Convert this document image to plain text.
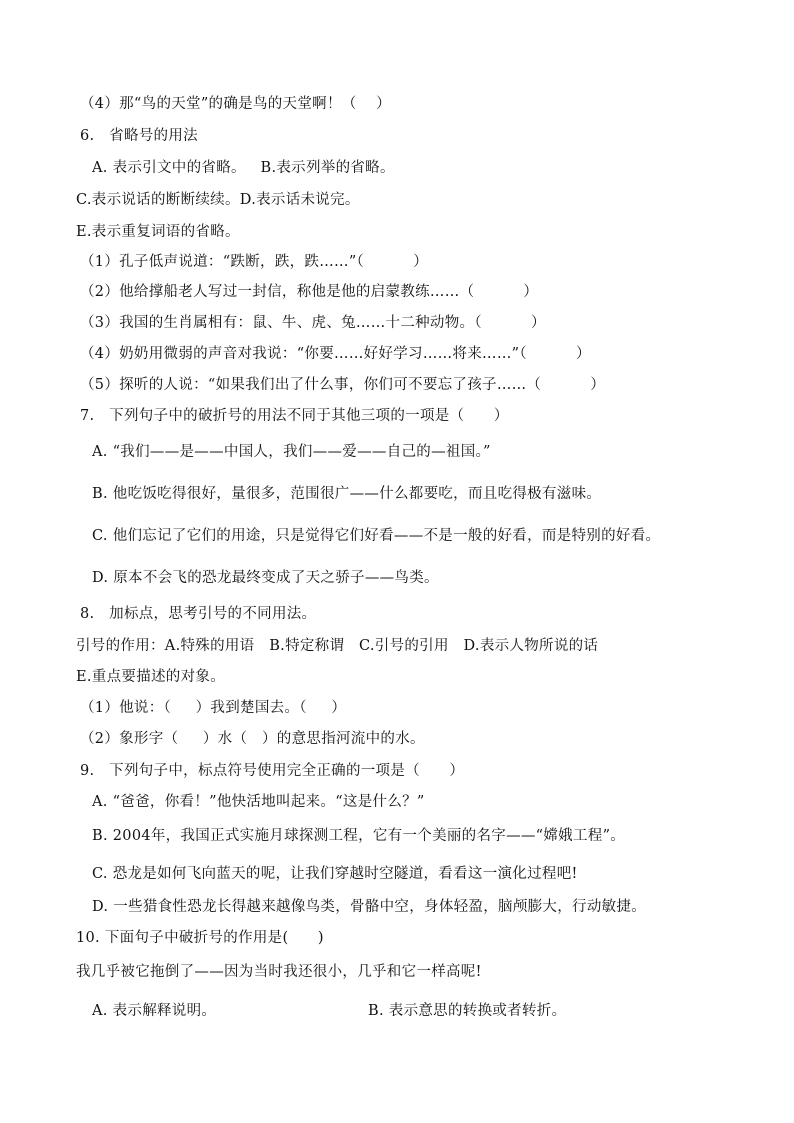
（4）那“鸟的天堂”的确是鸟的天堂啊！（    ）
6.   省略号的用法
A. 表示引文中的省略。   B.表示列举的省略。
C.表示说话的断断续续。D.表示话未说完。
E.表示重复词语的省略。
（1）孔子低声说道：“跌断，跌，跌……”（          ）
（2）他给撑船老人写过一封信，称他是他的启蒙教练……（          ）
（3）我国的生肖属相有：鼠、牛、虎、兔……十二种动物。（          ）
（4）奶奶用微弱的声音对我说：“你要……好好学习……将来……”（          ）
（5）探听的人说：“如果我们出了什么事，你们可不要忘了孩子……（          ）
7.   下列句子中的破折号的用法不同于其他三项的一项是（      ）
A. “我们——是——中国人，我们——爱——自己的—祖国。”
B. 他吃饭吃得很好，量很多，范围很广——什么都要吃，而且吃得极有滋味。
C. 他们忘记了它们的用途，只是觉得它们好看——不是一般的好看，而是特别的好看。
D. 原本不会飞的恐龙最终变成了天之骄子——鸟类。
8.   加标点，思考引号的不同用法。
引号的作用：A.特殊的用语   B.特定称谓   C.引号的引用   D.表示人物所说的话
E.重点要描述的对象。
（1）他说：（     ）我到楚国去。（     ）
（2）象形字（     ）水（   ）的意思指河流中的水。
9.   下列句子中，标点符号使用完全正确的一项是（      ）
A. “爸爸，你看！”他快活地叫起来。“这是什么？”
B. 2004年，我国正式实施月球探测工程，它有一个美丽的名字——“嫦娥工程”。
C. 恐龙是如何飞向蓝天的呢，让我们穿越时空隧道，看看这一演化过程吧!
D. 一些猎食性恐龙长得越来越像鸟类，骨骼中空，身体轻盈，脑颅膨大，行动敏捷。
10. 下面句子中破折号的作用是(      )
我几乎被它拖倒了——因为当时我还很小，几乎和它一样高呢!
A. 表示解释说明。	B. 表示意思的转换或者转折。
